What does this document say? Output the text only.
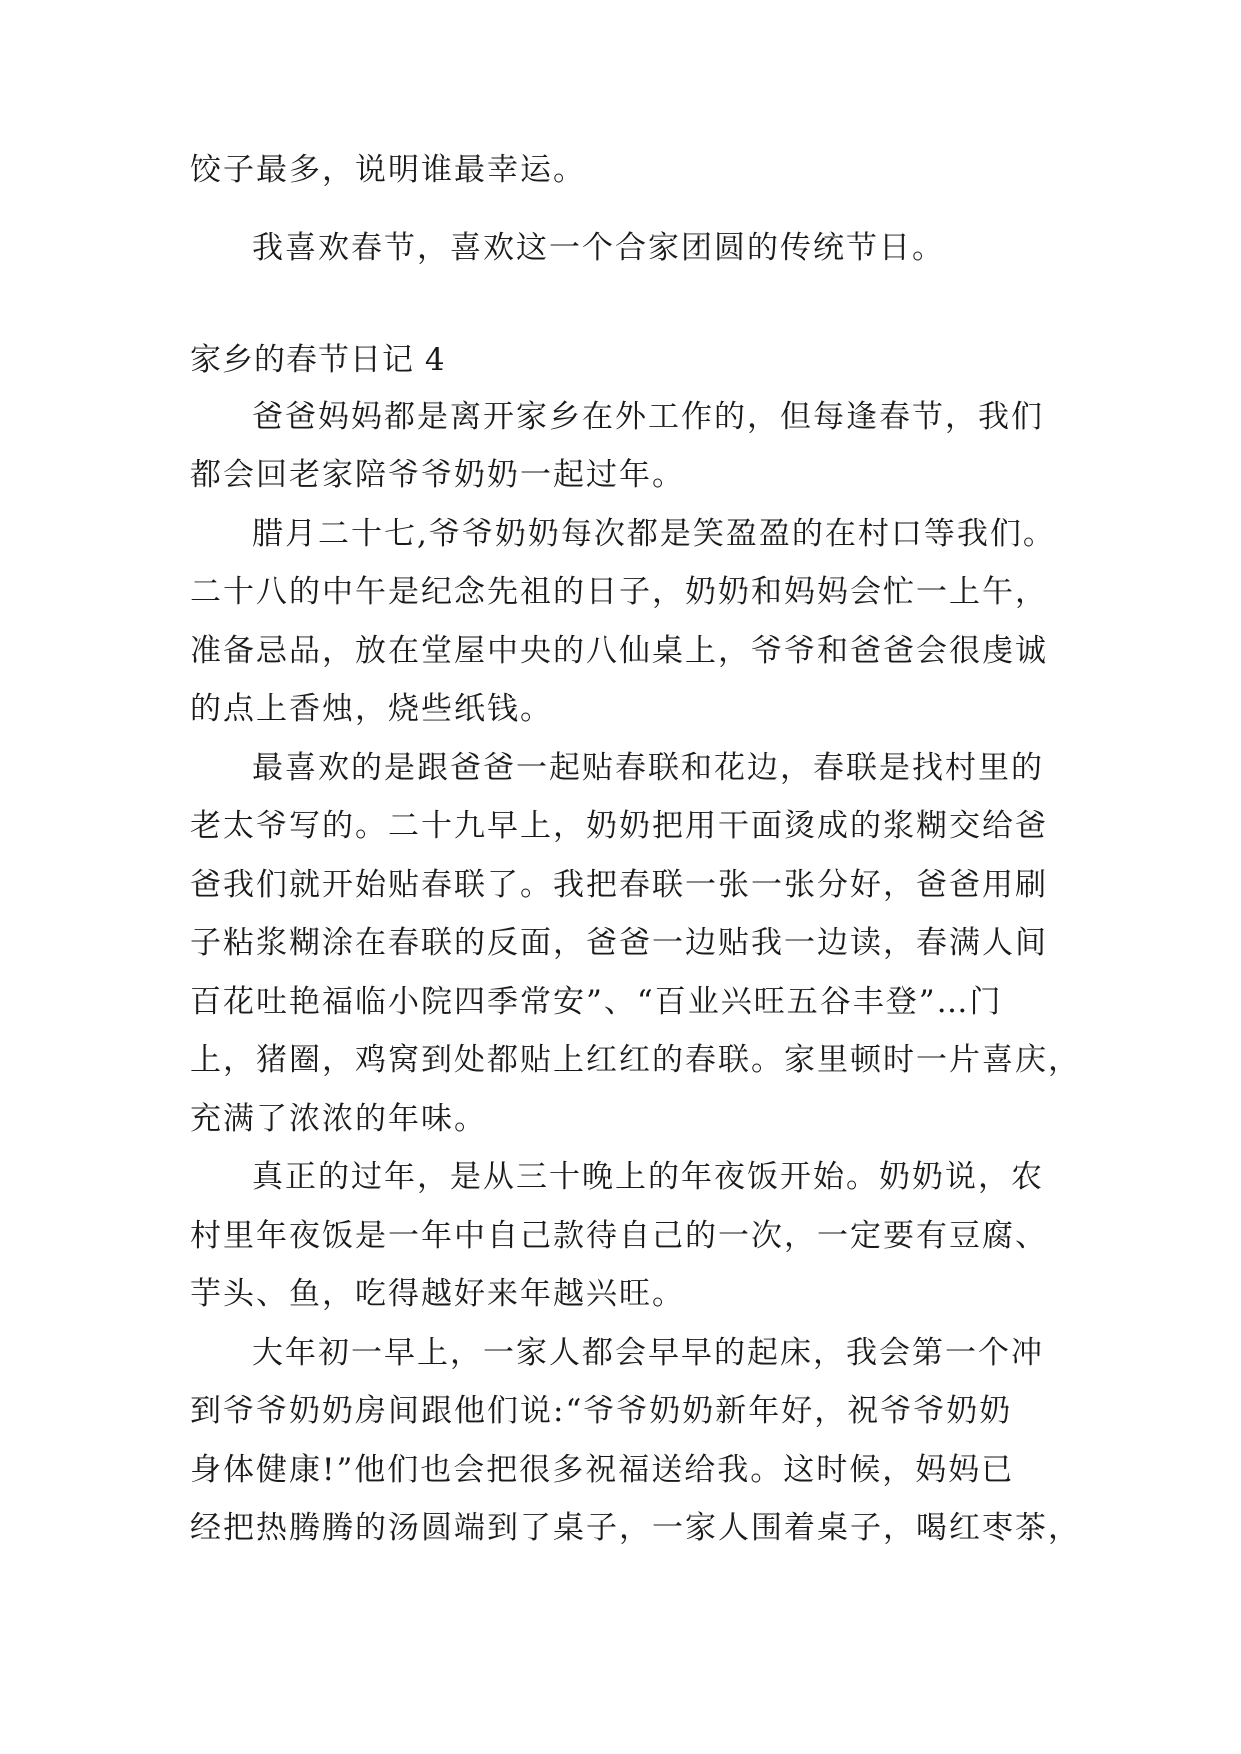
饺子最多，说明谁最幸运。
我喜欢春节，喜欢这一个合家团圆的传统节日。
家乡的春节日记 4
爸爸妈妈都是离开家乡在外工作的，但每逢春节，我们
都会回老家陪爷爷奶奶一起过年。
腊月二十七,爷爷奶奶每次都是笑盈盈的在村口等我们。
二十八的中午是纪念先祖的日子，奶奶和妈妈会忙一上午，
准备忌品，放在堂屋中央的八仙桌上，爷爷和爸爸会很虔诚
的点上香烛，烧些纸钱。
最喜欢的是跟爸爸一起贴春联和花边，春联是找村里的
老太爷写的。二十九早上，奶奶把用干面烫成的浆糊交给爸
爸我们就开始贴春联了。我把春联一张一张分好，爸爸用刷
子粘浆糊涂在春联的反面，爸爸一边贴我一边读，春满人间
百花吐艳福临小院四季常安”、“百业兴旺五谷丰登”…门
上，猪圈，鸡窝到处都贴上红红的春联。家里顿时一片喜庆，
充满了浓浓的年味。
真正的过年，是从三十晚上的年夜饭开始。奶奶说，农
村里年夜饭是一年中自己款待自己的一次，一定要有豆腐、
芋头、鱼，吃得越好来年越兴旺。
大年初一早上，一家人都会早早的起床，我会第一个冲
到爷爷奶奶房间跟他们说:“爷爷奶奶新年好，祝爷爷奶奶
身体健康!”他们也会把很多祝福送给我。这时候，妈妈已
经把热腾腾的汤圆端到了桌子，一家人围着桌子，喝红枣茶，
